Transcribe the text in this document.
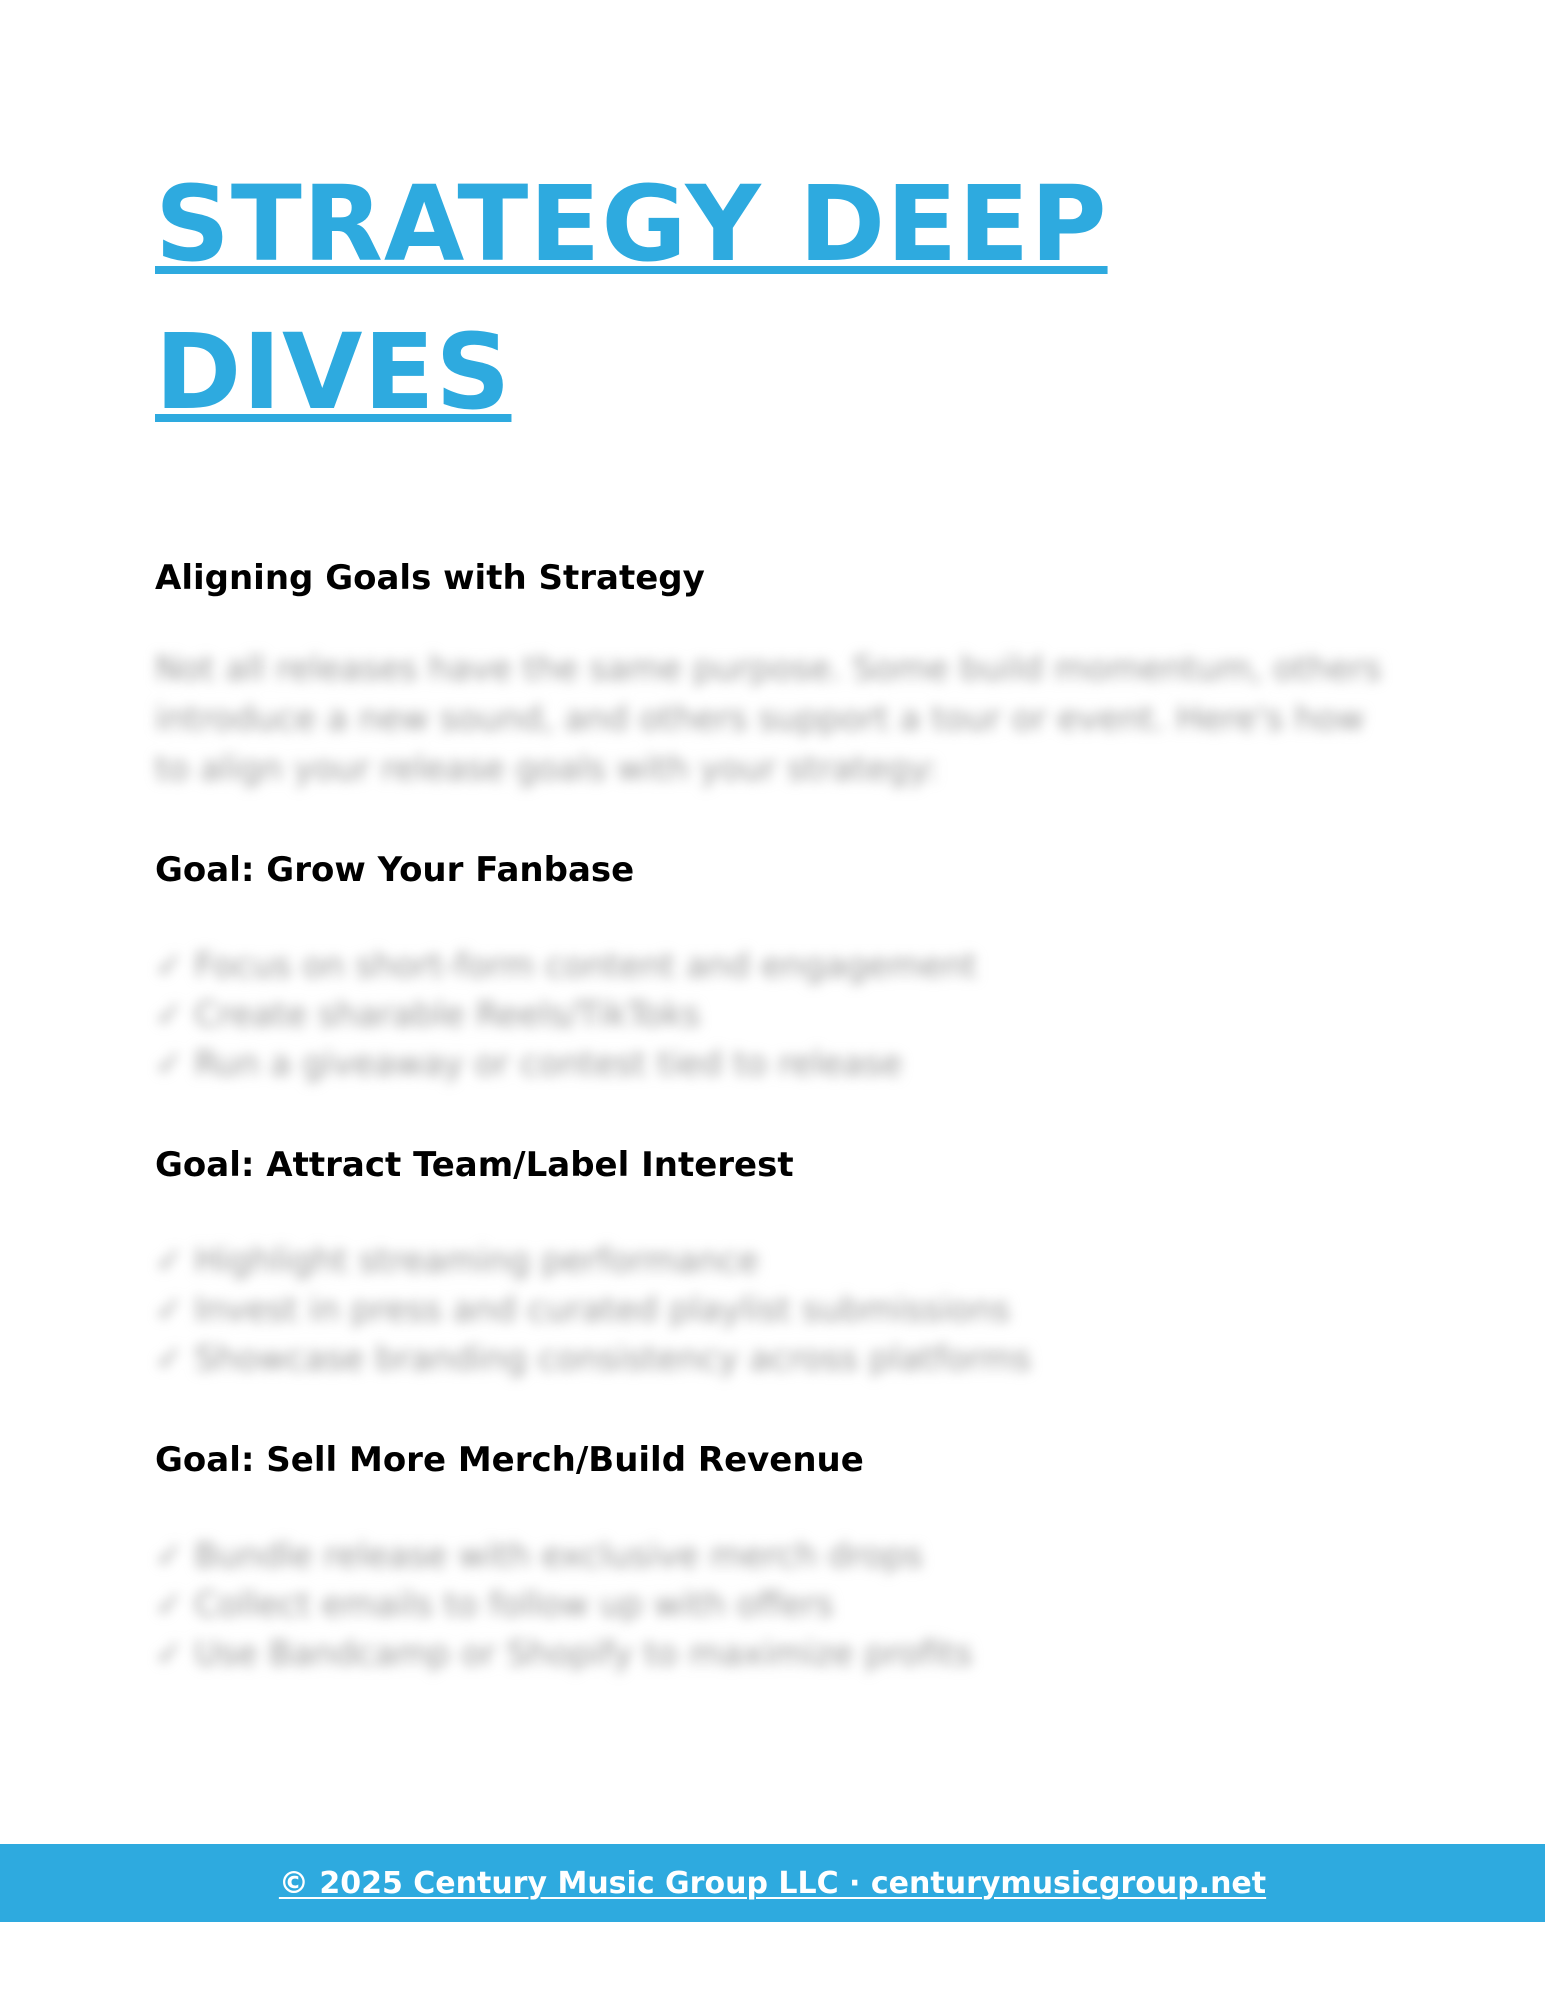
STRATEGY DEEP DIVES
Aligning Goals with Strategy

Not all releases have the same purpose. Some build momentum, others introduce a new sound, and others support a tour or event. Here's how to align your release goals with your strategy:

Goal: Grow Your Fanbase
✓ Focus on short-form content and engagement
✓ Create sharable Reels/TikToks
✓ Run a giveaway or contest tied to release
Goal: Attract Team/Label Interest
✓ Highlight streaming performance
✓ Invest in press and curated playlist submissions
✓ Showcase branding consistency across platforms
Goal: Sell More Merch/Build Revenue
✓ Bundle release with exclusive merch drops
✓ Collect emails to follow up with offers
✓ Use Bandcamp or Shopify to maximize profits
© 2025 Century Music Group LLC · centurymusicgroup.net
